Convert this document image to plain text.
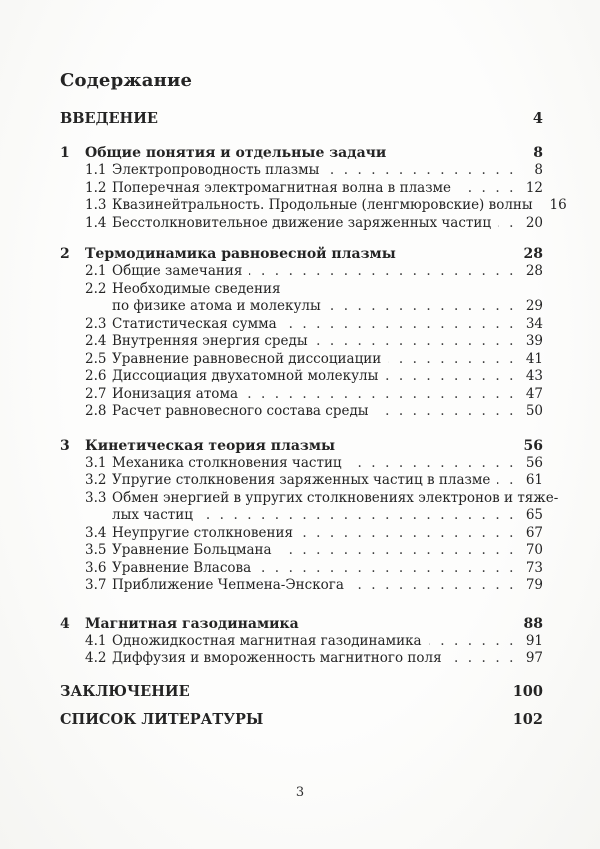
Содержание
ВВЕДЕНИЕ	4
1	Общие понятия и отдельные задачи	8
1.1 Электропроводность плазмы . . .	8
1.2 Поперечная электромагнитная волна в плазме . . .	12
1.3 Квазинейтральность. Продольные (ленгмюровские) волны	16
1.4 Бесстолкновительное движение заряженных частиц . . .	20
2	Термодинамика равновесной плазмы	28
2.1 Общие замечания . . .	28
2.2 Необходимые сведения
по физике атома и молекулы . . .	29
2.3 Статистическая сумма . . .	34
2.4 Внутренняя энергия среды . . .	39
2.5 Уравнение равновесной диссоциации . . .	41
2.6 Диссоциация двухатомной молекулы . . .	43
2.7 Ионизация атома . . .	47
2.8 Расчет равновесного состава среды . . .	50
3	Кинетическая теория плазмы	56
3.1 Механика столкновения частиц . . .	56
3.2 Упругие столкновения заряженных частиц в плазме . . .	61
3.3 Обмен энергией в упругих столкновениях электронов и тяже-
лых частиц . . .	65
3.4 Неупругие столкновения . . .	67
3.5 Уравнение Больцмана . . .	70
3.6 Уравнение Власова . . .	73
3.7 Приближение Чепмена-Энскога . . .	79
4	Магнитная газодинамика	88
4.1 Одножидкостная магнитная газодинамика . . .	91
4.2 Диффузия и вмороженность магнитного поля . . .	97
ЗАКЛЮЧЕНИЕ	100
СПИСОК ЛИТЕРАТУРЫ	102
3
